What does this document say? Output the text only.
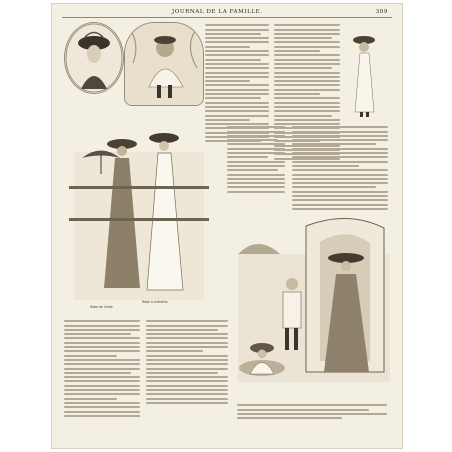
JOURNAL DE LA FAMILLE.	309
Robe de Visite
Robe à bretelles
